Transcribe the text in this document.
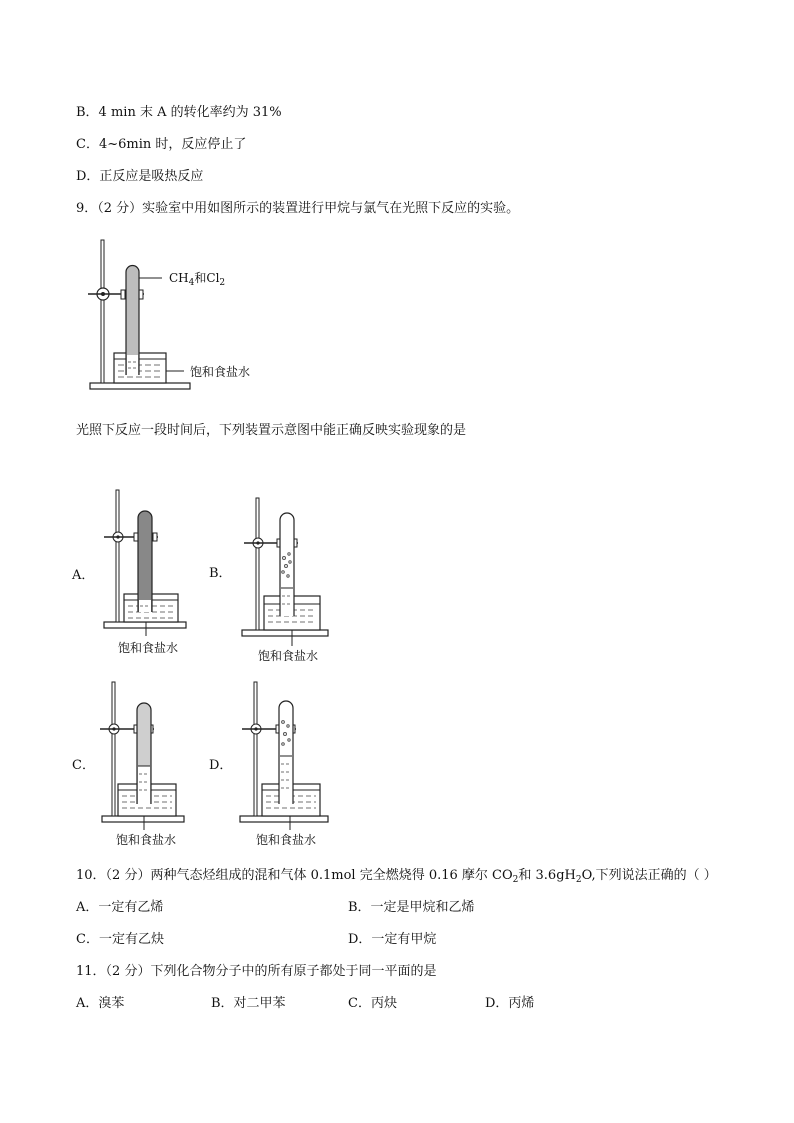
B．4 min 末 A 的转化率约为 31%
C．4~6min 时，反应停止了
D．正反应是吸热反应
9．（2 分）实验室中用如图所示的装置进行甲烷与氯气在光照下反应的实验。
$CH_4$和$Cl_2$
饱和食盐水
光照下反应一段时间后，下列装置示意图中能正确反映实验现象的是
A．
饱和食盐水
B．
饱和食盐水
C．
饱和食盐水
D．
饱和食盐水
10．（2 分）两种气态烃组成的混和气体 0.1mol 完全燃烧得 0.16 摩尔 $CO_2$和 $3.6gH_2O$,下列说法正确的（ ）
A．一定有乙烯	B．一定是甲烷和乙烯
C．一定有乙炔	D．一定有甲烷
11．（2 分）下列化合物分子中的所有原子都处于同一平面的是
A．溴苯	B．对二甲苯	C．丙炔	D．丙烯
